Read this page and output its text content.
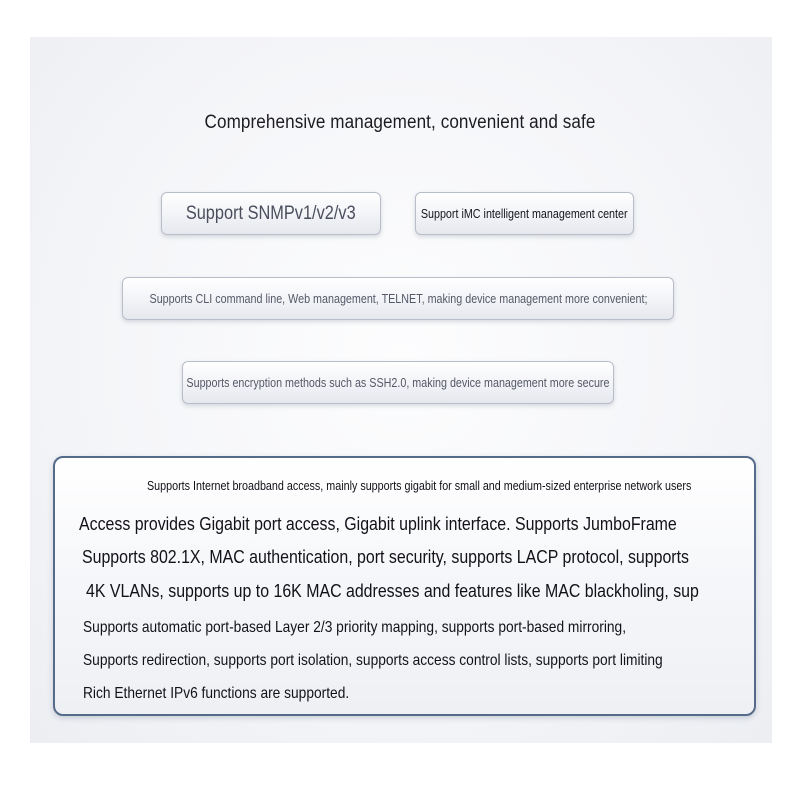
Comprehensive management, convenient and safe
Support SNMPv1/v2/v3	Support iMC intelligent management center
Supports CLI command line, Web management, TELNET, making device management more convenient;
Supports encryption methods such as SSH2.0, making device management more secure
Supports Internet broadband access, mainly supports gigabit for small and medium-sized enterprise network users
Access provides Gigabit port access, Gigabit uplink interface. Supports JumboFrame
Supports 802.1X, MAC authentication, port security, supports LACP protocol, supports
4K VLANs, supports up to 16K MAC addresses and features like MAC blackholing, sup
Supports automatic port-based Layer 2/3 priority mapping, supports port-based mirroring,
Supports redirection, supports port isolation, supports access control lists, supports port limiting
Rich Ethernet IPv6 functions are supported.
